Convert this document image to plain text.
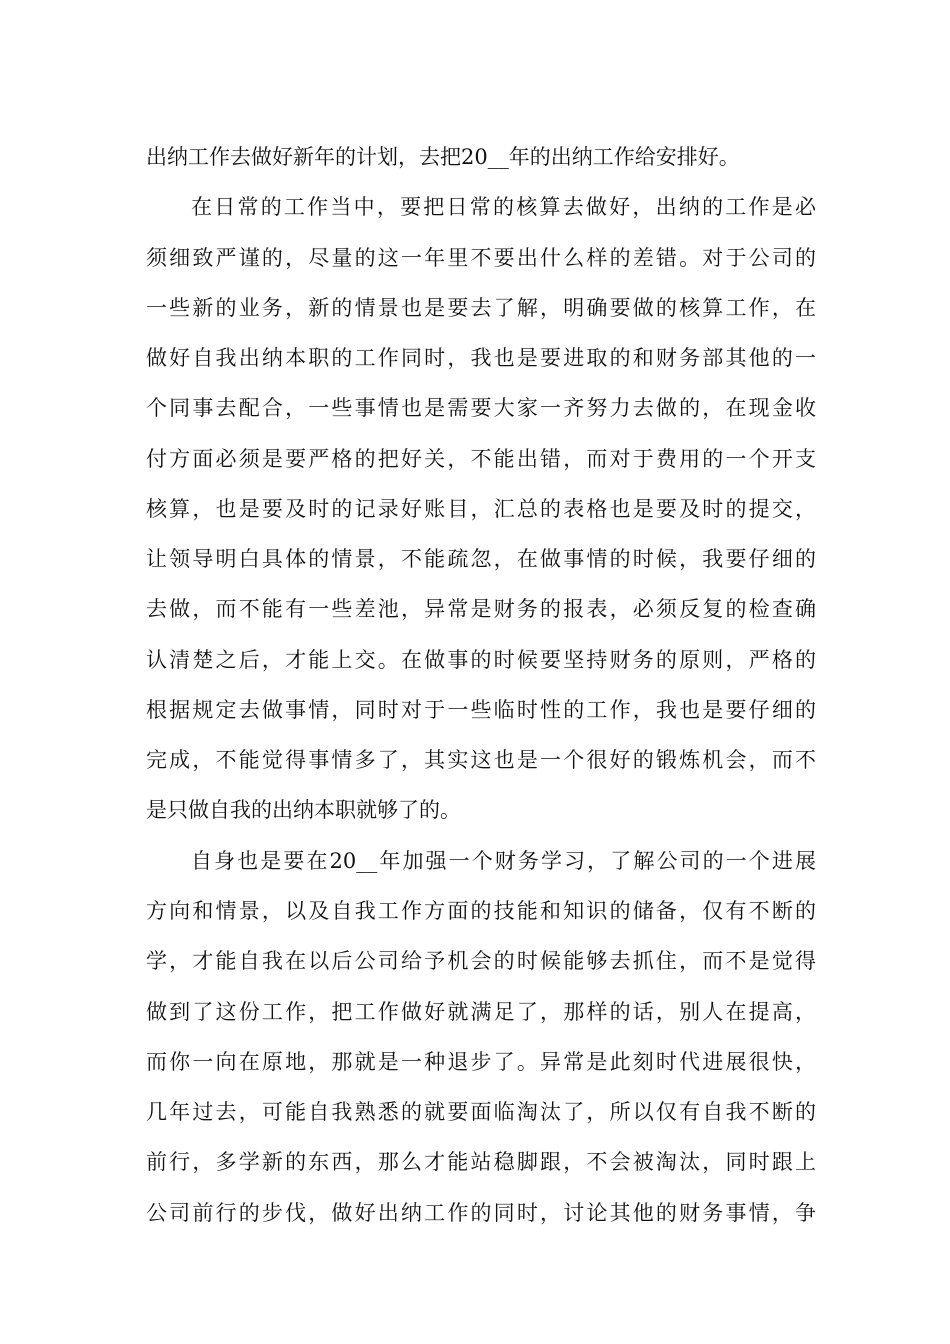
出纳工作去做好新年的计划，去把20__年的出纳工作给安排好。
在日常的工作当中，要把日常的核算去做好，出纳的工作是必
须细致严谨的，尽量的这一年里不要出什么样的差错。对于公司的
一些新的业务，新的情景也是要去了解，明确要做的核算工作，在
做好自我出纳本职的工作同时，我也是要进取的和财务部其他的一
个同事去配合，一些事情也是需要大家一齐努力去做的，在现金收
付方面必须是要严格的把好关，不能出错，而对于费用的一个开支
核算，也是要及时的记录好账目，汇总的表格也是要及时的提交，
让领导明白具体的情景，不能疏忽，在做事情的时候，我要仔细的
去做，而不能有一些差池，异常是财务的报表，必须反复的检查确
认清楚之后，才能上交。在做事的时候要坚持财务的原则，严格的
根据规定去做事情，同时对于一些临时性的工作，我也是要仔细的
完成，不能觉得事情多了，其实这也是一个很好的锻炼机会，而不
是只做自我的出纳本职就够了的。
自身也是要在20__年加强一个财务学习，了解公司的一个进展
方向和情景，以及自我工作方面的技能和知识的储备，仅有不断的
学，才能自我在以后公司给予机会的时候能够去抓住，而不是觉得
做到了这份工作，把工作做好就满足了，那样的话，别人在提高，
而你一向在原地，那就是一种退步了。异常是此刻时代进展很快，
几年过去，可能自我熟悉的就要面临淘汰了，所以仅有自我不断的
前行，多学新的东西，那么才能站稳脚跟，不会被淘汰，同时跟上
公司前行的步伐，做好出纳工作的同时，讨论其他的财务事情，争
